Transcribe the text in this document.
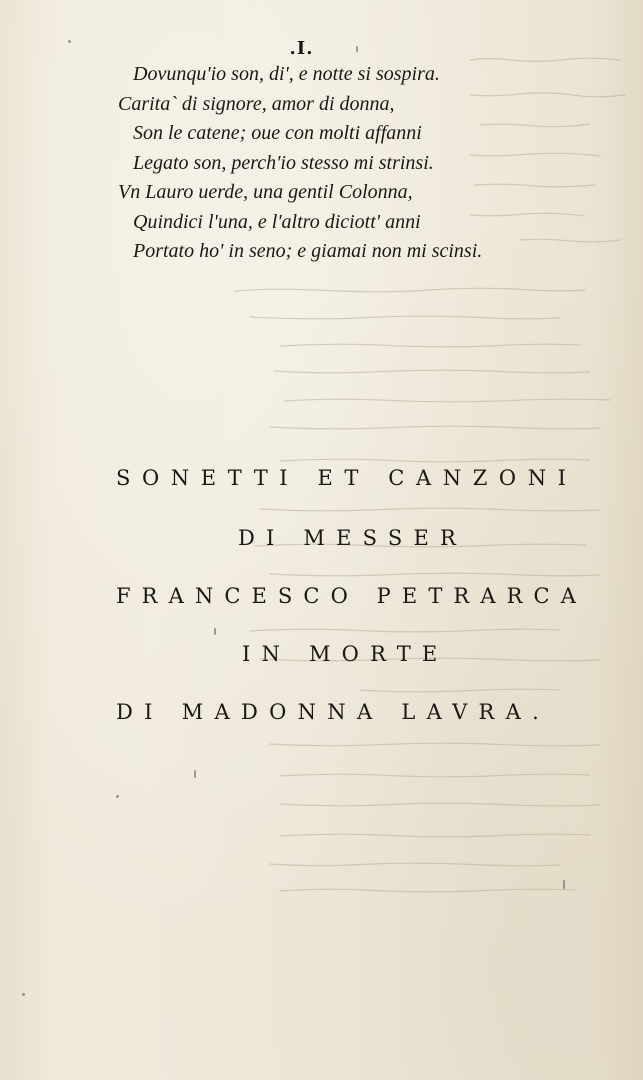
.I.
Dovunqu'io son, di', e notte si sospira.
Carita` di signore, amor di donna,
Son le catene; oue con molti affanni
Legato son, perch'io stesso mi strinsi.
Vn Lauro uerde, una gentil Colonna,
Quindici l'una, e l'altro diciott' anni
Portato ho' in seno; e giamai non mi scinsi.
SONETTI ET CANZONI
DI MESSER
FRANCESCO PETRARCA
IN MORTE
DI MADONNA LAVRA.
